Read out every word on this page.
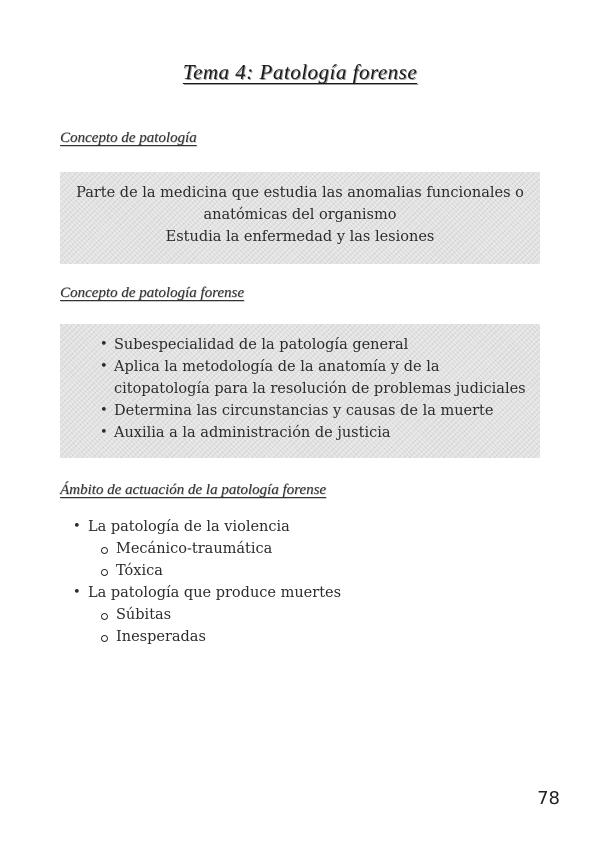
Tema 4: Patología forense
Concepto de patología

Parte de la medicina que estudia las anomalias funcionales o

anatómicas del organismo

Estudia la enfermedad y las lesiones

Concepto de patología forense
• Subespecialidad de la patología general
• Aplica la metodología de la anatomía y de la
citopatología para la resolución de problemas judiciales
• Determina las circunstancias y causas de la muerte
• Auxilia a la administración de justicia
Ámbito de actuación de la patología forense
• La patología de la violencia
Mecánico-traumática
Tóxica
• La patología que produce muertes
Súbitas
Inesperadas
78
